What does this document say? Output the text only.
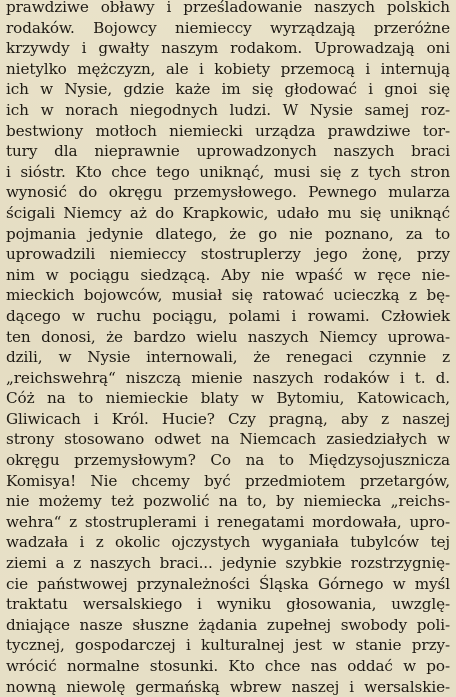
prawdziwe obławy i prześladowanie naszych polskich
rodaków. Bojowcy niemieccy wyrządzają przeróżne
krzywdy i gwałty naszym rodakom. Uprowadzają oni
nietylko mężczyzn, ale i kobiety przemocą i internują
ich w Nysie, gdzie każe im się głodować i gnoi się
ich w norach niegodnych ludzi. W Nysie samej roz-
bestwiony motłoch niemiecki urządza prawdziwe tor-
tury dla nieprawnie uprowadzonych naszych braci
i sióstr. Kto chce tego uniknąć, musi się z tych stron
wynosić do okręgu przemysłowego. Pewnego mularza
ścigali Niemcy aż do Krapkowic, udało mu się uniknąć
pojmania jedynie dlatego, że go nie poznano, za to
uprowadzili niemieccy stostruplerzy jego żonę, przy
nim w pociągu siedzącą. Aby nie wpaść w ręce nie-
mieckich bojowców, musiał się ratować ucieczką z bę-
dącego w ruchu pociągu, polami i rowami. Człowiek
ten donosi, że bardzo wielu naszych Niemcy uprowa-
dzili, w Nysie internowali, że renegaci czynnie z
„reichswehrą“ niszczą mienie naszych rodaków i t. d.
Cóż na to niemieckie blaty w Bytomiu, Katowicach,
Gliwicach i Król. Hucie? Czy pragną, aby z naszej
strony stosowano odwet na Niemcach zasiedziałych w
okręgu przemysłowym? Co na to Międzysojusznicza
Komisya! Nie chcemy być przedmiotem przetargów,
nie możemy też pozwolić na to, by niemiecka „reichs-
wehra“ z stostruplerami i renegatami mordowała, upro-
wadzała i z okolic ojczystych wyganiała tubylców tej
ziemi a z naszych braci... jedynie szybkie rozstrzygnię-
cie państwowej przynależności Śląska Górnego w myśl
traktatu wersalskiego i wyniku głosowania, uwzglę-
dniające nasze słuszne żądania zupełnej swobody poli-
tycznej, gospodarczej i kulturalnej jest w stanie przy-
wrócić normalne stosunki. Kto chce nas oddać w po-
nowną niewolę germańską wbrew naszej i wersalskie-
